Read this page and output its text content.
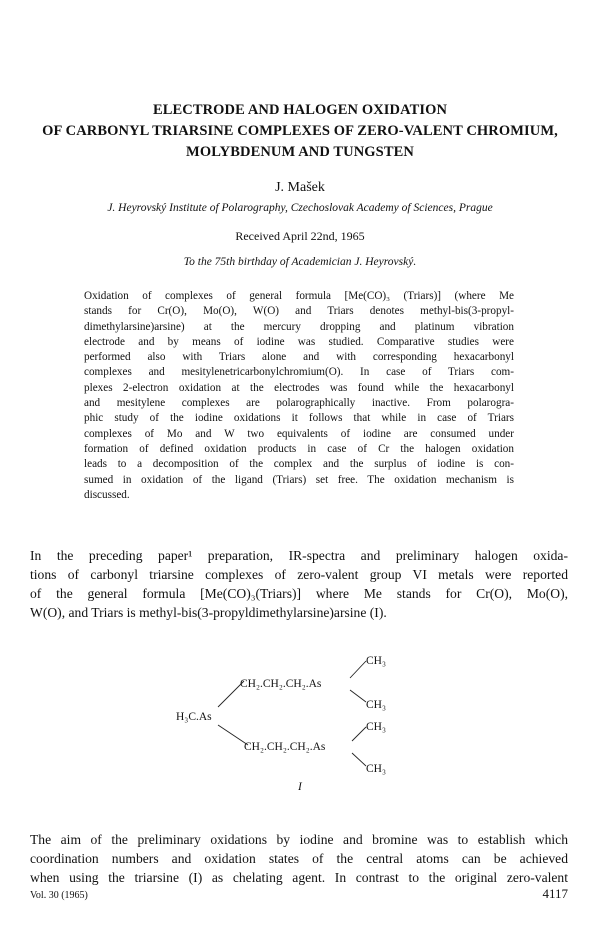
ELECTRODE AND HALOGEN OXIDATION
OF CARBONYL TRIARSINE COMPLEXES OF ZERO-VALENT CHROMIUM,
MOLYBDENUM AND TUNGSTEN
J. Mašek
J. Heyrovský Institute of Polarography, Czechoslovak Academy of Sciences, Prague
Received April 22nd, 1965
To the 75th birthday of Academician J. Heyrovský.
Oxidation of complexes of general formula [Me(CO)₃ (Triars)] (where Me
stands for Cr(O), Mo(O), W(O) and Triars denotes methyl-bis(3-propyl-
dimethylarsine)arsine) at the mercury dropping and platinum vibration
electrode and by means of iodine was studied. Comparative studies were
performed also with Triars alone and with corresponding hexacarbonyl
complexes and mesitylenetricarbonylchromium(O). In case of Triars com-
plexes 2-electron oxidation at the electrodes was found while the hexacarbonyl
and mesitylene complexes are polarographically inactive. From polarogra-
phic study of the iodine oxidations it follows that while in case of Triars
complexes of Mo and W two equivalents of iodine are consumed under
formation of defined oxidation products in case of Cr the halogen oxidation
leads to a decomposition of the complex and the surplus of iodine is con-
sumed in oxidation of the ligand (Triars) set free. The oxidation mechanism is
discussed.
In the preceding paper¹ preparation, IR-spectra and preliminary halogen oxida-
tions of carbonyl triarsine complexes of zero-valent group VI metals were reported
of the general formula [Me(CO)₃(Triars)] where Me stands for Cr(O), Mo(O),
W(O), and Triars is methyl-bis(3-propyldimethylarsine)arsine (I).
CH₃
CH₂.CH₂.CH₂.As
CH₃
H₃C.As
CH₃
CH₂.CH₂.CH₂.As
CH₃
I
The aim of the preliminary oxidations by iodine and bromine was to establish which
coordination numbers and oxidation states of the central atoms can be achieved
when using the triarsine (I) as chelating agent. In contrast to the original zero-valent
Vol. 30 (1965)	4117
